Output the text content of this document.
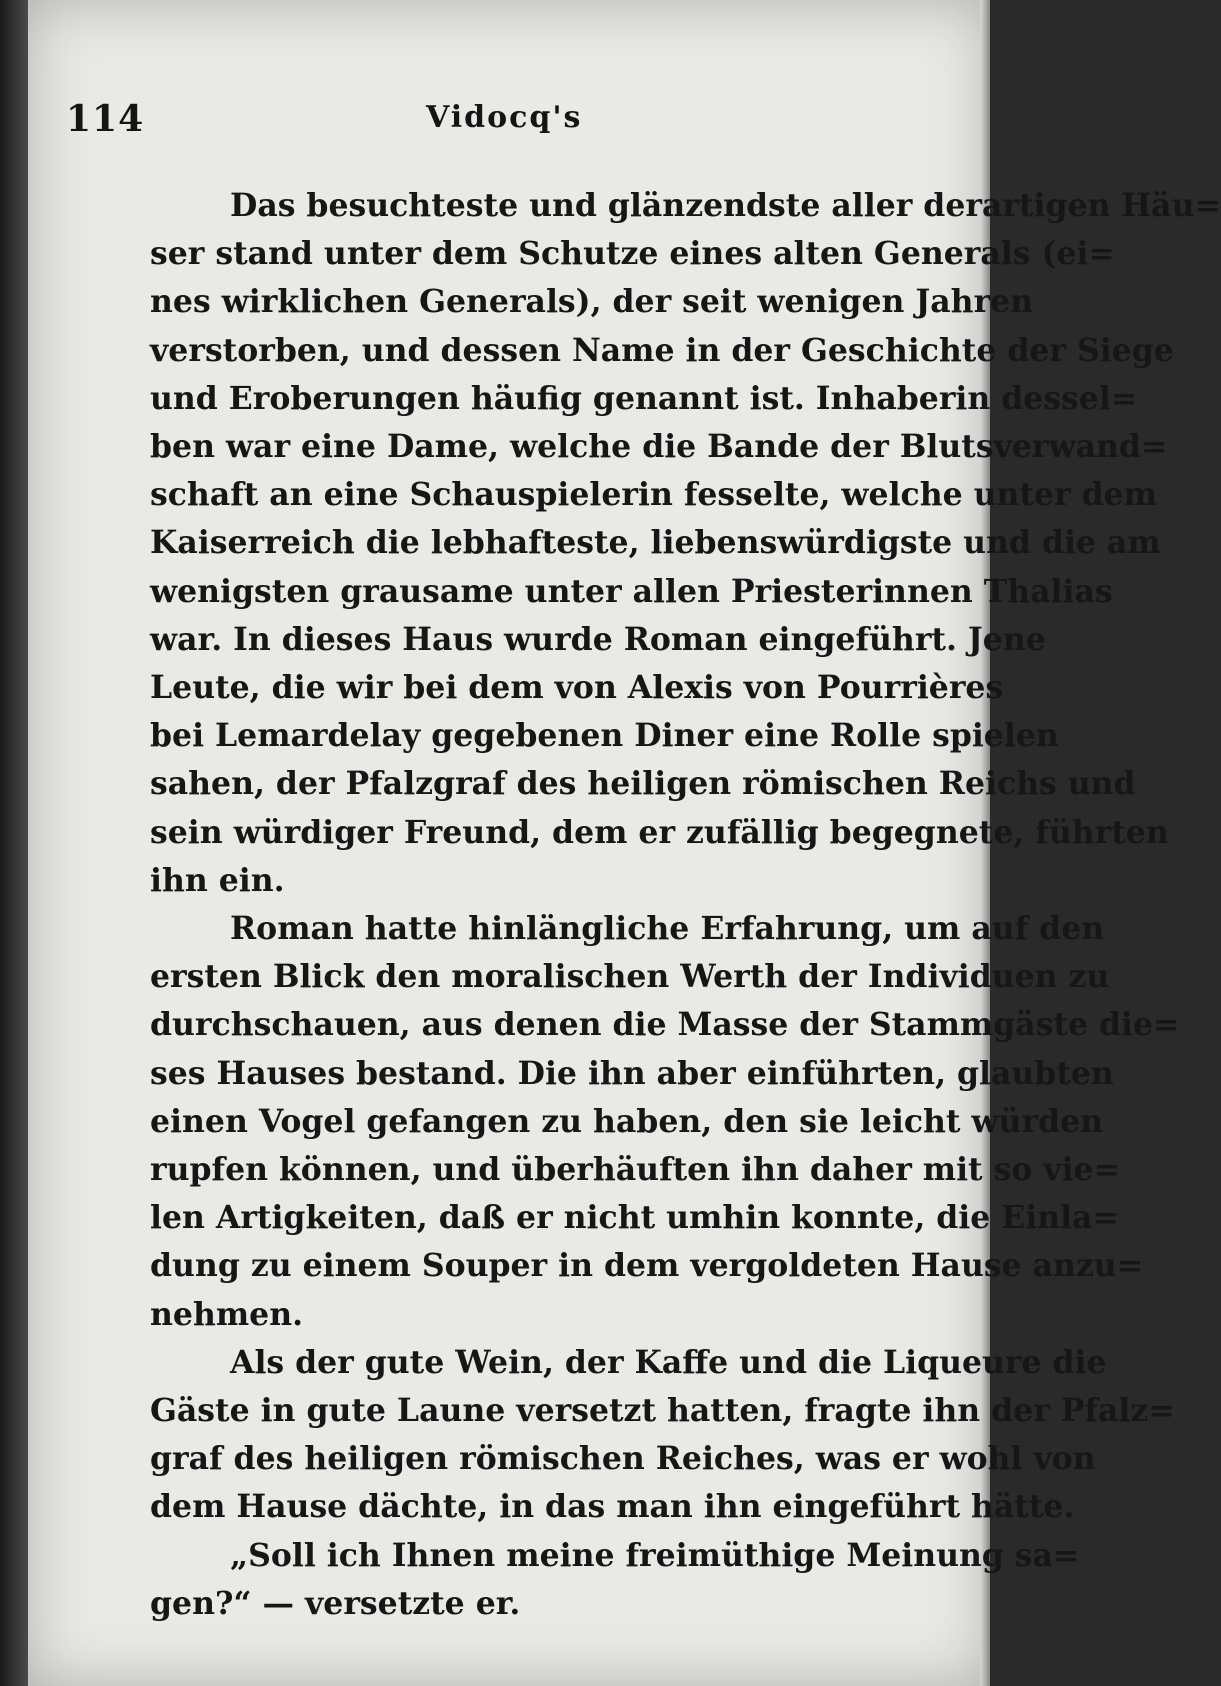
114	Vidocq's
Das besuchteste und glänzendste aller derartigen Häu=
ser stand unter dem Schutze eines alten Generals (ei=
nes wirklichen Generals), der seit wenigen Jahren
verstorben, und dessen Name in der Geschichte der Siege
und Eroberungen häufig genannt ist. Inhaberin dessel=
ben war eine Dame, welche die Bande der Blutsverwand=
schaft an eine Schauspielerin fesselte, welche unter dem
Kaiserreich die lebhafteste, liebenswürdigste und die am
wenigsten grausame unter allen Priesterinnen Thalias
war. In dieses Haus wurde Roman eingeführt. Jene
Leute, die wir bei dem von Alexis von Pourrières
bei Lemardelay gegebenen Diner eine Rolle spielen
sahen, der Pfalzgraf des heiligen römischen Reichs und
sein würdiger Freund, dem er zufällig begegnete, führten
ihn ein.
Roman hatte hinlängliche Erfahrung, um auf den
ersten Blick den moralischen Werth der Individuen zu
durchschauen, aus denen die Masse der Stammgäste die=
ses Hauses bestand. Die ihn aber einführten, glaubten
einen Vogel gefangen zu haben, den sie leicht würden
rupfen können, und überhäuften ihn daher mit so vie=
len Artigkeiten, daß er nicht umhin konnte, die Einla=
dung zu einem Souper in dem vergoldeten Hause anzu=
nehmen.
Als der gute Wein, der Kaffe und die Liqueure die
Gäste in gute Laune versetzt hatten, fragte ihn der Pfalz=
graf des heiligen römischen Reiches, was er wohl von
dem Hause dächte, in das man ihn eingeführt hätte.
„Soll ich Ihnen meine freimüthige Meinung sa=
gen?“ — versetzte er.
